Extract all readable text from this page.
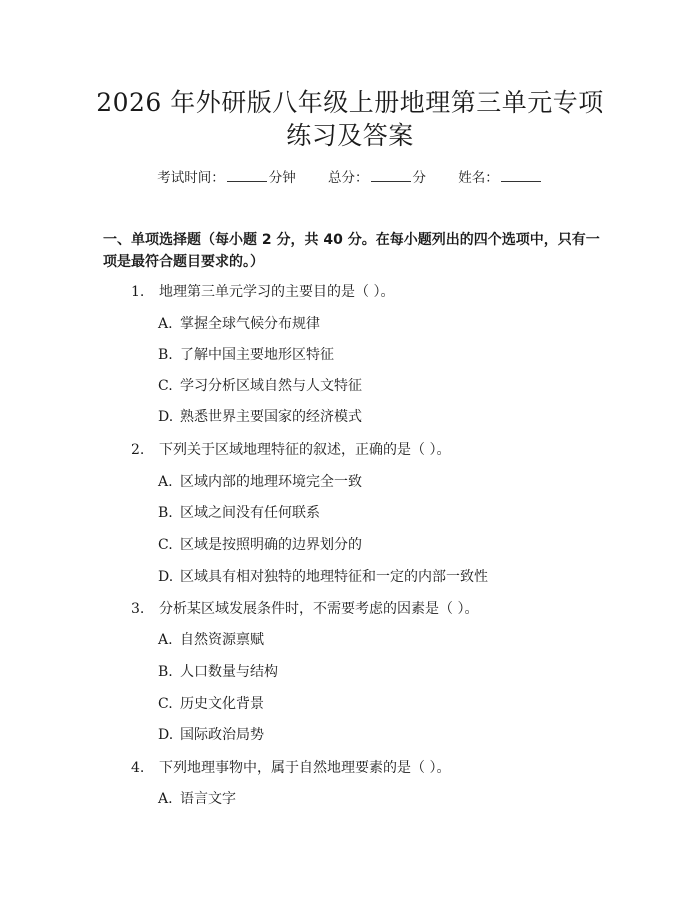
2026 年外研版八年级上册地理第三单元专项
练习及答案
考试时间：	分钟 总分：	分 姓名：

一、单项选择题（每小题 2 分，共 40 分。在每小题列出的四个选项中，只有一项是最符合题目要求的。）

1. 地理第三单元学习的主要目的是（ ）。
A. 掌握全球气候分布规律
B. 了解中国主要地形区特征
C. 学习分析区域自然与人文特征
D. 熟悉世界主要国家的经济模式
2. 下列关于区域地理特征的叙述，正确的是（ ）。
A. 区域内部的地理环境完全一致
B. 区域之间没有任何联系
C. 区域是按照明确的边界划分的
D. 区域具有相对独特的地理特征和一定的内部一致性
3. 分析某区域发展条件时，不需要考虑的因素是（ ）。
A. 自然资源禀赋
B. 人口数量与结构
C. 历史文化背景
D. 国际政治局势
4. 下列地理事物中，属于自然地理要素的是（ ）。
A. 语言文字
